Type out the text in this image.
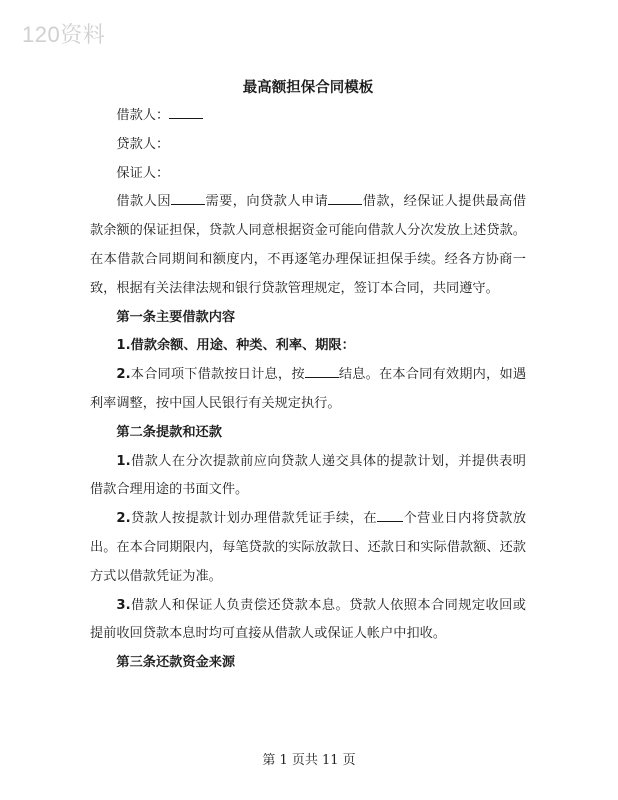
120资料
最高额担保合同模板

借款人：

贷款人：

保证人：

借款人因	需要，向贷款人申请	借款，经保证人提供最高借款余额的保证担保，贷款人同意根据资金可能向借款人分次发放上述贷款。在本借款合同期间和额度内，不再逐笔办理保证担保手续。经各方协商一致，根据有关法律法规和银行贷款管理规定，签订本合同，共同遵守。

第一条主要借款内容

1.借款余额、用途、种类、利率、期限：

2.本合同项下借款按日计息，按	结息。在本合同有效期内，如遇利率调整，按中国人民银行有关规定执行。

第二条提款和还款

1.借款人在分次提款前应向贷款人递交具体的提款计划，并提供表明借款合理用途的书面文件。

2.贷款人按提款计划办理借款凭证手续，在 个营业日内将贷款放出。在本合同期限内，每笔贷款的实际放款日、还款日和实际借款额、还款方式以借款凭证为准。

3.借款人和保证人负责偿还贷款本息。贷款人依照本合同规定收回或提前收回贷款本息时均可直接从借款人或保证人帐户中扣收。

第三条还款资金来源

第 1 页共 11 页
